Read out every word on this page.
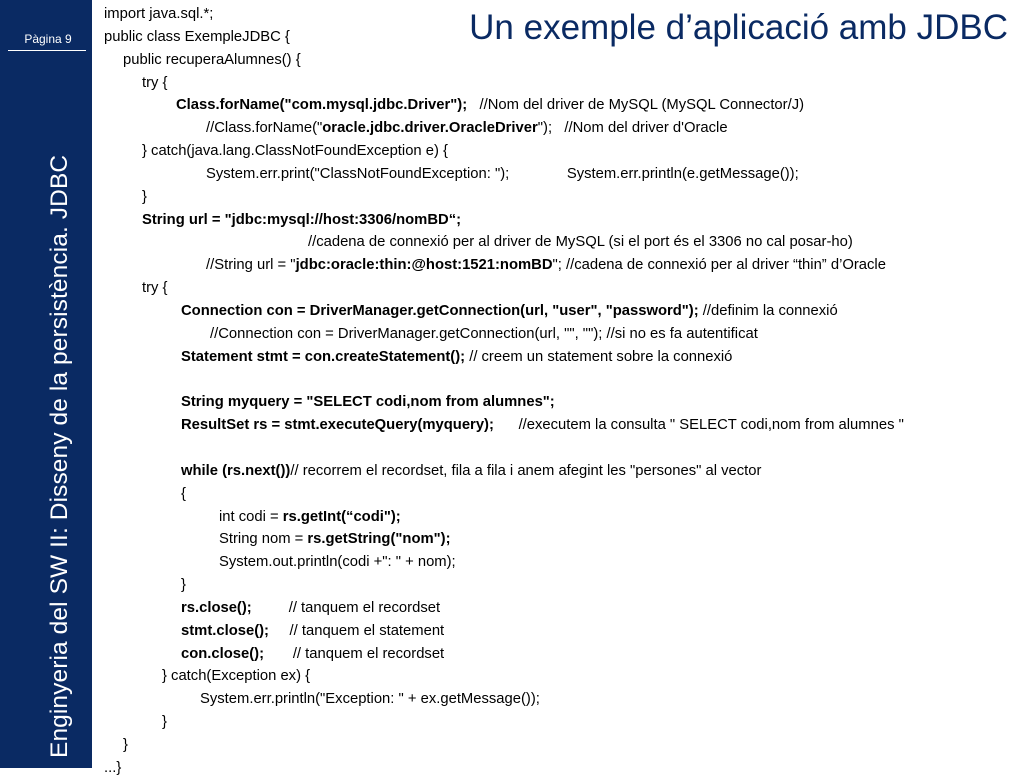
Pàgina 9
Enginyeria del SW II: Disseny de la persistència. JDBC
Un exemple d’aplicació amb JDBC
import java.sql.*;
public class ExempleJDBC {
public recuperaAlumnes() {
try {
Class.forName("com.mysql.jdbc.Driver");   //Nom del driver de MySQL (MySQL Connector/J)
//Class.forName("oracle.jdbc.driver.OracleDriver");   //Nom del driver d'Oracle
} catch(java.lang.ClassNotFoundException e) {
System.err.print("ClassNotFoundException: ");              System.err.println(e.getMessage());
}
String url = "jdbc:mysql://host:3306/nomBD“;
//cadena de connexió per al driver de MySQL (si el port és el 3306 no cal posar-ho)
//String url = "jdbc:oracle:thin:@host:1521:nomBD"; //cadena de connexió per al driver “thin” d’Oracle
try {
Connection con = DriverManager.getConnection(url, "user", "password"); //definim la connexió
//Connection con = DriverManager.getConnection(url, "", ""); //si no es fa autentificat
Statement stmt = con.createStatement(); // creem un statement sobre la connexió
String myquery = "SELECT codi,nom from alumnes";
ResultSet rs = stmt.executeQuery(myquery);      //executem la consulta " SELECT codi,nom from alumnes "
while (rs.next())// recorrem el recordset, fila a fila i anem afegint les "persones" al vector
{
int codi = rs.getInt(“codi");
String nom = rs.getString("nom");
System.out.println(codi +": " + nom);
}
rs.close();         // tanquem el recordset
stmt.close();     // tanquem el statement
con.close();       // tanquem el recordset
} catch(Exception ex) {
System.err.println("Exception: " + ex.getMessage());
}
}
...}
